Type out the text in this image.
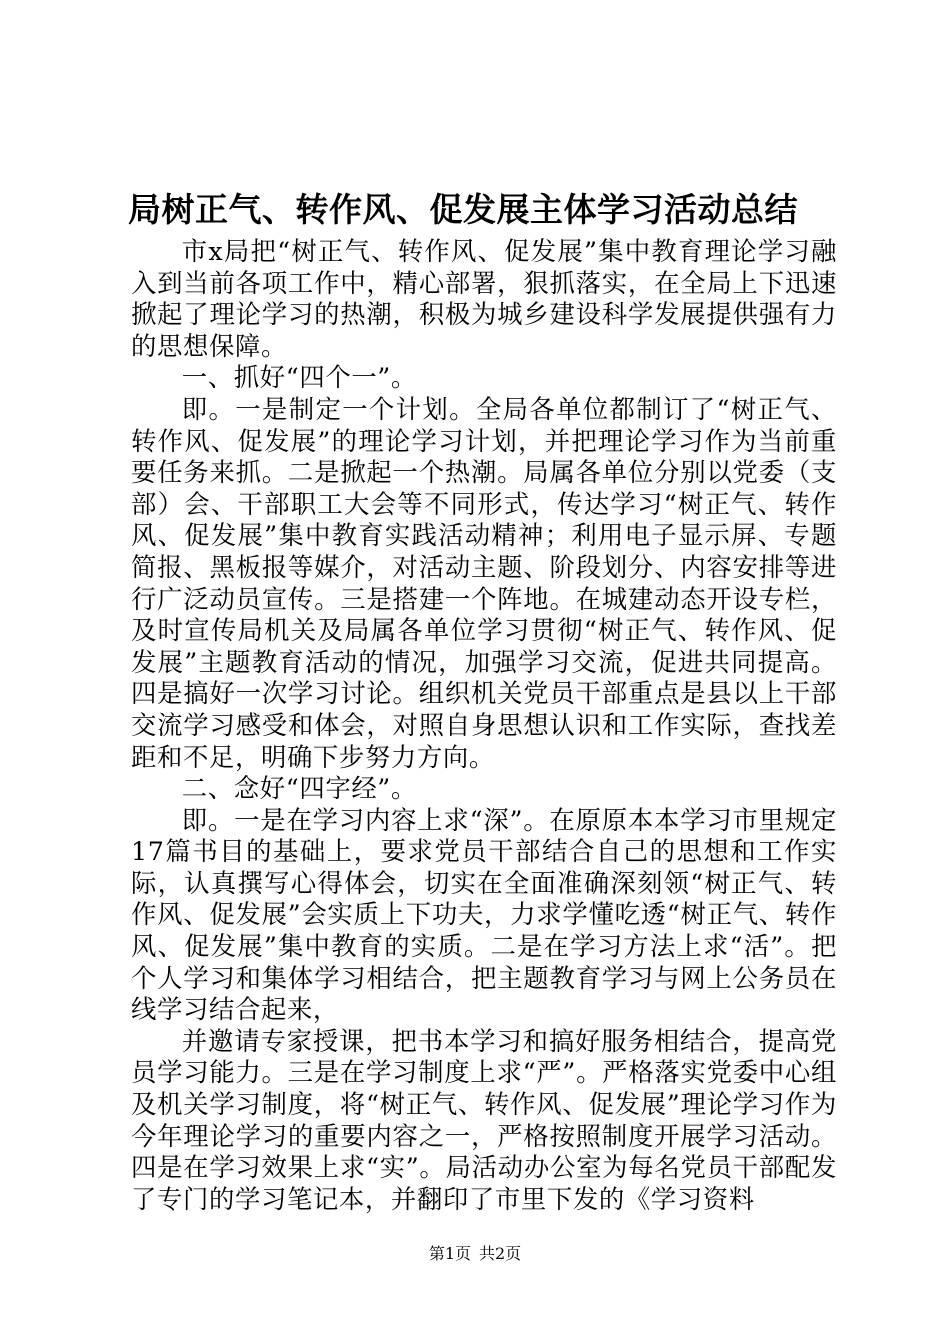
局树正气、转作风、促发展主体学习活动总结

市x局把“树正气、转作风、促发展”集中教育理论学习融入到当前各项工作中，精心部署，狠抓落实，在全局上下迅速掀起了理论学习的热潮，积极为城乡建设科学发展提供强有力的思想保障。

一、抓好“四个一”。

即。一是制定一个计划。全局各单位都制订了“树正气、转作风、促发展”的理论学习计划，并把理论学习作为当前重要任务来抓。二是掀起一个热潮。局属各单位分别以党委（支部）会、干部职工大会等不同形式，传达学习“树正气、转作风、促发展”集中教育实践活动精神；利用电子显示屏、专题简报、黑板报等媒介，对活动主题、阶段划分、内容安排等进行广泛动员宣传。三是搭建一个阵地。在城建动态开设专栏，及时宣传局机关及局属各单位学习贯彻“树正气、转作风、促发展”主题教育活动的情况，加强学习交流，促进共同提高。四是搞好一次学习讨论。组织机关党员干部重点是县以上干部交流学习感受和体会，对照自身思想认识和工作实际，查找差距和不足，明确下步努力方向。

二、念好“四字经”。

即。一是在学习内容上求“深”。在原原本本学习市里规定17篇书目的基础上，要求党员干部结合自己的思想和工作实际，认真撰写心得体会，切实在全面准确深刻领“树正气、转作风、促发展”会实质上下功夫，力求学懂吃透“树正气、转作风、促发展”集中教育的实质。二是在学习方法上求“活”。把个人学习和集体学习相结合，把主题教育学习与网上公务员在线学习结合起来，

并邀请专家授课，把书本学习和搞好服务相结合，提高党员学习能力。三是在学习制度上求“严”。严格落实党委中心组及机关学习制度，将“树正气、转作风、促发展”理论学习作为今年理论学习的重要内容之一，严格按照制度开展学习活动。四是在学习效果上求“实”。局活动办公室为每名党员干部配发了专门的学习笔记本，并翻印了市里下发的《学习资料

第1页 共2页
